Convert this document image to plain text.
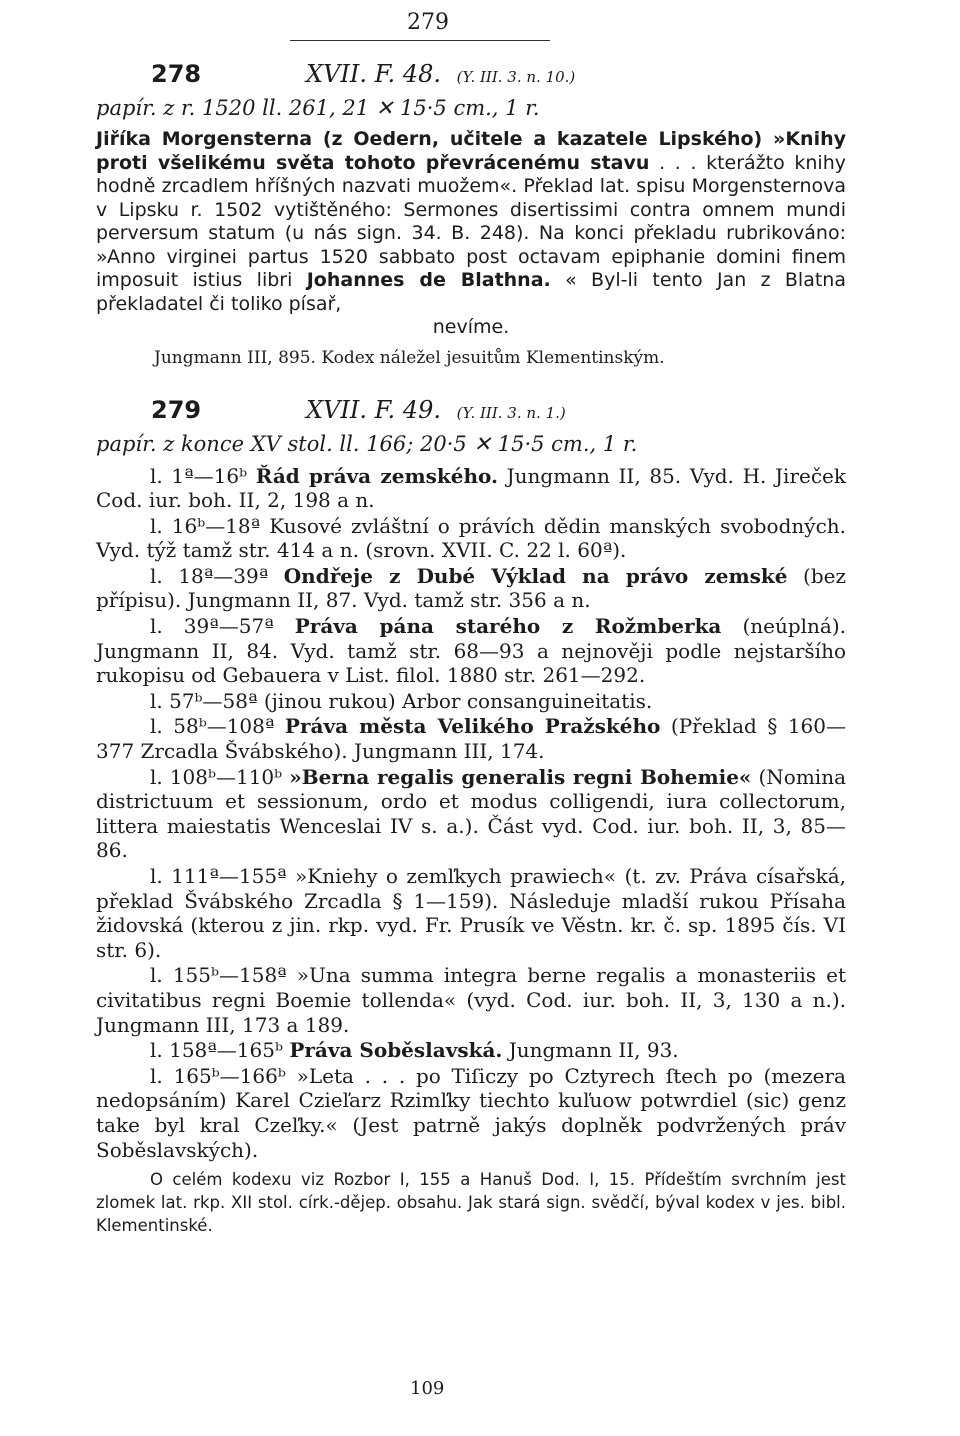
279
278	XVII. F. 48. (Y. III. 3. n. 10.)
papír. z r. 1520 ll. 261, 21 ✕ 15·5 cm., 1 r.

Jiříka Morgensterna (z Oedern, učitele a kazatele Lipského) »Knihy proti všelikému světa tohoto převrácenému stavu . . . kterážto knihy hodně zrcadlem hříšných nazvati muožem«. Překlad lat. spisu Morgensternova v Lipsku r. 1502 vytištěného: Sermones disertissimi contra omnem mundi perversum statum (u nás sign. 34. B. 248). Na konci překladu rubrikováno: »Anno virginei partus 1520 sabbato post octavam epiphanie domini finem imposuit istius libri Johannes de Blathna. « Byl-li tento Jan z Blatna překladatel či toliko písař,
nevíme.

Jungmann III, 895. Kodex náležel jesuitům Klementinským.
279	XVII. F. 49. (Y. III. 3. n. 1.)
papír. z konce XV stol. ll. 166; 20·5 ✕ 15·5 cm., 1 r.

l. 1ª—16ᵇ Řád práva zemského. Jungmann II, 85. Vyd. H. Jireček Cod. iur. boh. II, 2, 198 a n.

l. 16ᵇ—18ª Kusové zvláštní o právích dědin manských svobodných. Vyd. týž tamž str. 414 a n. (srovn. XVII. C. 22 l. 60ª).

l. 18ª—39ª Ondřeje z Dubé Výklad na právo zemské (bez přípisu). Jungmann II, 87. Vyd. tamž str. 356 a n.

l. 39ª—57ª Práva pána starého z Rožmberka (neúplná). Jungmann II, 84. Vyd. tamž str. 68—93 a nejnověji podle nejstaršího rukopisu od Gebauera v List. filol. 1880 str. 261—292.

l. 57ᵇ—58ª (jinou rukou) Arbor consanguineitatis.

l. 58ᵇ—108ª Práva města Velikého Pražského (Překlad § 160—377 Zrcadla Švábského). Jungmann III, 174.

l. 108ᵇ—110ᵇ »Berna regalis generalis regni Bohemie« (Nomina districtuum et sessionum, ordo et modus colligendi, iura collectorum, littera maiestatis Wenceslai IV s. a.). Část vyd. Cod. iur. boh. II, 3, 85—86.

l. 111ª—155ª »Kniehy o zemľkych prawiech« (t. zv. Práva císařská, překlad Švábského Zrcadla § 1—159). Následuje mladší rukou Přísaha židovská (kterou z jin. rkp. vyd. Fr. Prusík ve Věstn. kr. č. sp. 1895 čís. VI str. 6).

l. 155ᵇ—158ª »Una summa integra berne regalis a monasteriis et civitatibus regni Boemie tollenda« (vyd. Cod. iur. boh. II, 3, 130 a n.). Jungmann III, 173 a 189.

l. 158ª—165ᵇ Práva Soběslavská. Jungmann II, 93.

l. 165ᵇ—166ᵇ »Leta . . . po Tiſiczy po Cztyrech ſtech po (mezera nedopsáním) Karel Czieľarz Rzimľky tiechto kuľuow potwrdiel (sic) genz take byl kral Czeľky.« (Jest patrně jakýs doplněk podvržených práv Soběslavských).

O celém kodexu viz Rozbor I, 155 a Hanuš Dod. I, 15. Přídeštím svrchním jest zlomek lat. rkp. XII stol. círk.-dějep. obsahu. Jak stará sign. svědčí, býval kodex v jes. bibl. Klementinské.

109
